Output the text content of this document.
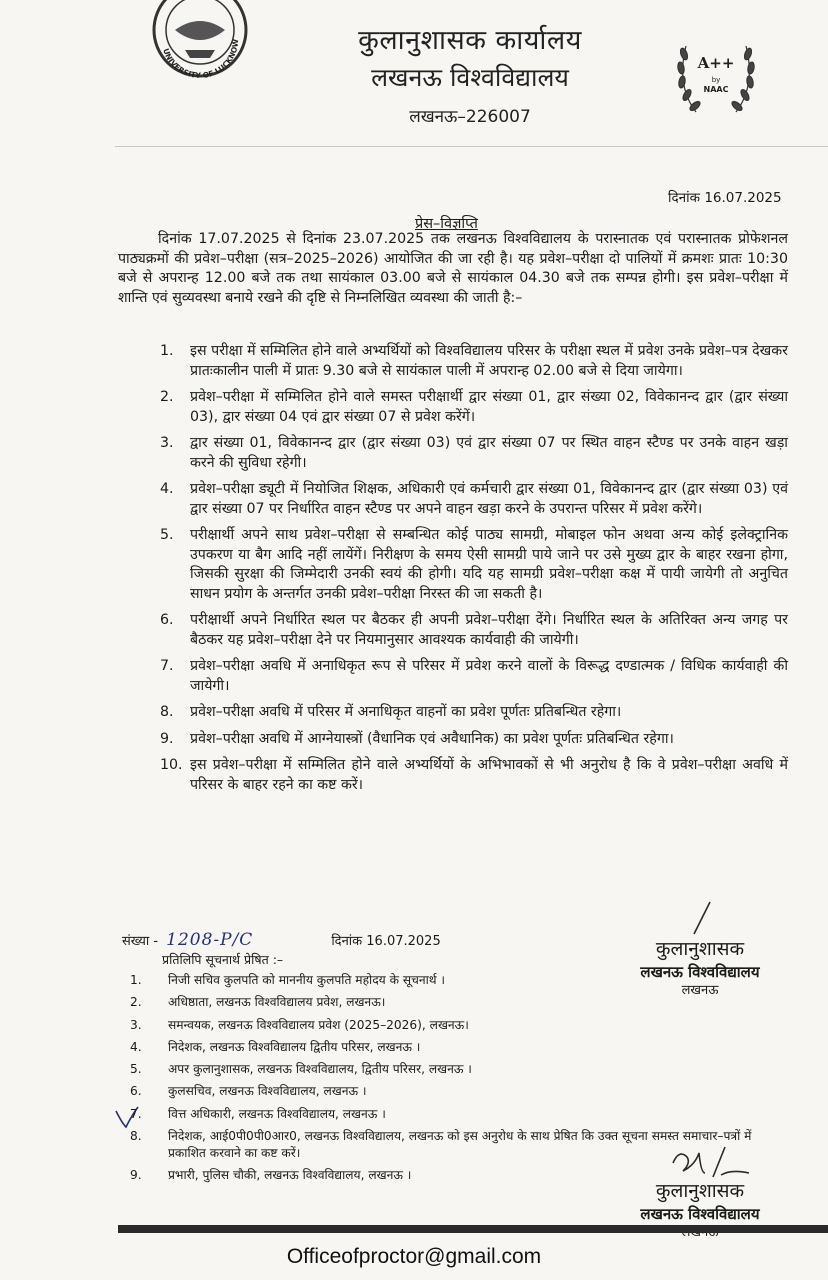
UNIVERSITY OF LUCKNOW	कुलानुशासक कार्यालय
लखनऊ विश्वविद्यालय
लखनऊ–226007
A++
by
NAAC
दिनांक 16.07.2025
प्रेस–विज्ञप्ति
दिनांक 17.07.2025 से दिनांक 23.07.2025 तक लखनऊ विश्वविद्यालय के परास्नातक एवं परास्नातक प्रोफेशनल पाठ्यक्रमों की प्रवेश–परीक्षा (सत्र–2025–2026) आयोजित की जा रही है। यह प्रवेश–परीक्षा दो पालियों में क्रमशः प्रातः 10:30 बजे से अपरान्ह 12.00 बजे तक तथा सायंकाल 03.00 बजे से सायंकाल 04.30 बजे तक सम्पन्न होगी। इस प्रवेश–परीक्षा में शान्ति एवं सुव्यवस्था बनाये रखने की दृष्टि से निम्नलिखित व्यवस्था की जाती है:–
1.	इस परीक्षा में सम्मिलित होने वाले अभ्यर्थियों को विश्वविद्यालय परिसर के परीक्षा स्थल में प्रवेश उनके प्रवेश–पत्र देखकर प्रातःकालीन पाली में प्रातः 9.30 बजे से सायंकाल पाली में अपरान्ह 02.00 बजे से दिया जायेगा।
2.	प्रवेश–परीक्षा में सम्मिलित होने वाले समस्त परीक्षार्थी द्वार संख्या 01, द्वार संख्या 02, विवेकानन्द द्वार (द्वार संख्या 03), द्वार संख्या 04 एवं द्वार संख्या 07 से प्रवेश करेंगें।
3.	द्वार संख्या 01, विवेकानन्द द्वार (द्वार संख्या 03) एवं द्वार संख्या 07 पर स्थित वाहन स्टैण्ड पर उनके वाहन खड़ा करने की सुविधा रहेगी।
4.	प्रवेश–परीक्षा ड्यूटी में नियोजित शिक्षक, अधिकारी एवं कर्मचारी द्वार संख्या 01, विवेकानन्द द्वार (द्वार संख्या 03) एवं द्वार संख्या 07 पर निर्धारित वाहन स्टैण्ड पर अपने वाहन खड़ा करने के उपरान्त परिसर में प्रवेश करेंगे।
5.	परीक्षार्थी अपने साथ प्रवेश–परीक्षा से सम्बन्धित कोई पाठ्य सामग्री, मोबाइल फोन अथवा अन्य कोई इलेक्ट्रानिक उपकरण या बैग आदि नहीं लायेंगें। निरीक्षण के समय ऐसी सामग्री पाये जाने पर उसे मुख्य द्वार के बाहर रखना होगा, जिसकी सुरक्षा की जिम्मेदारी उनकी स्वयं की होगी। यदि यह सामग्री प्रवेश–परीक्षा कक्ष में पायी जायेगी तो अनुचित साधन प्रयोग के अन्तर्गत उनकी प्रवेश–परीक्षा निरस्त की जा सकती है।
6.	परीक्षार्थी अपने निर्धारित स्थल पर बैठकर ही अपनी प्रवेश–परीक्षा देंगे। निर्धारित स्थल के अतिरिक्त अन्य जगह पर बैठकर यह प्रवेश–परीक्षा देने पर नियमानुसार आवश्यक कार्यवाही की जायेगी।
7.	प्रवेश–परीक्षा अवधि में अनाधिकृत रूप से परिसर में प्रवेश करने वालों के विरूद्ध दण्डात्मक / विधिक कार्यवाही की जायेगी।
8.	प्रवेश–परीक्षा अवधि में परिसर में अनाधिकृत वाहनों का प्रवेश पूर्णतः प्रतिबन्धित रहेगा।
9.	प्रवेश–परीक्षा अवधि में आग्नेयास्त्रों (वैधानिक एवं अवैधानिक) का प्रवेश पूर्णतः प्रतिबन्धित रहेगा।
10. इस प्रवेश–परीक्षा में सम्मिलित होने वाले अभ्यर्थियों के अभिभावकों से भी अनुरोध है कि वे प्रवेश–परीक्षा अवधि में परिसर के बाहर रहने का कष्ट करें।
कुलानुशासक
लखनऊ विश्वविद्यालय
लखनऊ
संख्या - 1208-P/C	दिनांक 16.07.2025
प्रतिलिपि सूचनार्थ प्रेषित :–
1.	निजी सचिव कुलपति को माननीय कुलपति महोदय के सूचनार्थ ।
2.	अधिष्ठाता, लखनऊ विश्वविद्यालय प्रवेश, लखनऊ।
3.	समन्वयक, लखनऊ विश्वविद्यालय प्रवेश (2025–2026), लखनऊ।
4.	निदेशक, लखनऊ विश्वविद्यालय द्वितीय परिसर, लखनऊ ।
5.	अपर कुलानुशासक, लखनऊ विश्वविद्यालय, द्वितीय परिसर, लखनऊ ।
6.	कुलसचिव, लखनऊ विश्वविद्यालय, लखनऊ ।
7.	वित्त अधिकारी, लखनऊ विश्वविद्यालय, लखनऊ ।
8.	निदेशक, आई0पी0पी0आर0, लखनऊ विश्वविद्यालय, लखनऊ को इस अनुरोध के साथ प्रेषित कि उक्त सूचना समस्त समाचार–पत्रों में प्रकाशित करवाने का कष्ट करें।
9.	प्रभारी, पुलिस चौकी, लखनऊ विश्वविद्यालय, लखनऊ ।
कुलानुशासक
लखनऊ विश्वविद्यालय
Officeofproctor@gmail.com
